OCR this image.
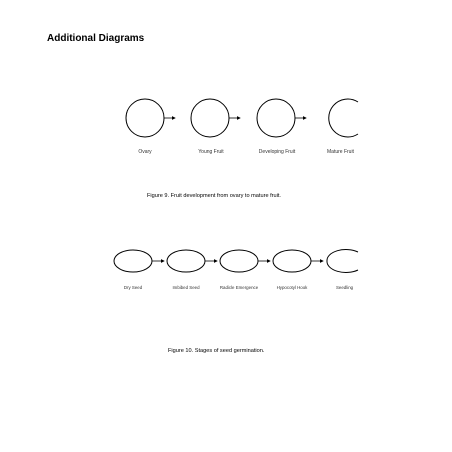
Additional Diagrams
Ovary	Young Fruit	Developing Fruit	Mature Fruit
Dry Seed	Imbibed Seed	Radicle Emergence	Hypocotyl Hook	Seedling

Figure 9. Fruit development from ovary to mature fruit.

Figure 10. Stages of seed germination.
